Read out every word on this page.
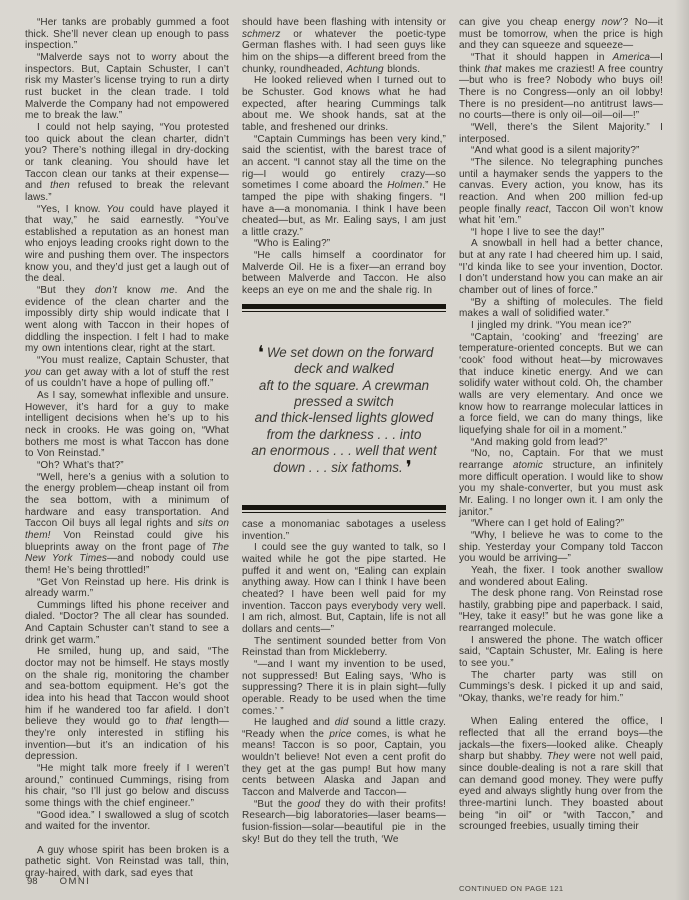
“Her tanks are probably gummed a foot thick. She’ll never clean up enough to pass inspection.”

“Malverde says not to worry about the inspectors. But, Captain Schuster, I can’t risk my Master’s license trying to run a dirty rust bucket in the clean trade. I told Malverde the Company had not empowered me to break the law.”

I could not help saying, “You protested too quick about the clean charter, didn’t you? There’s nothing illegal in dry-docking or tank cleaning. You should have let Taccon clean our tanks at their expense—and then refused to break the relevant laws.”

“Yes, I know. You could have played it that way,” he said earnestly. “You’ve established a reputation as an honest man who enjoys leading crooks right down to the wire and pushing them over. The inspectors know you, and they’d just get a laugh out of the deal.

“But they don’t know me. And the evidence of the clean charter and the impossibly dirty ship would indicate that I went along with Taccon in their hopes of diddling the inspection. I felt I had to make my own intentions clear, right at the start.

“You must realize, Captain Schuster, that you can get away with a lot of stuff the rest of us couldn’t have a hope of pulling off.”

As I say, somewhat inflexible and unsure. However, it’s hard for a guy to make intelligent decisions when he’s up to his neck in crooks. He was going on, “What bothers me most is what Taccon has done to Von Reinstad.”

“Oh? What’s that?”

“Well, here’s a genius with a solution to the energy problem—cheap instant oil from the sea bottom, with a minimum of hardware and easy transportation. And Taccon Oil buys all legal rights and sits on them! Von Reinstad could give his blueprints away on the front page of The New York Times—and nobody could use them! He’s being throttled!”

“Get Von Reinstad up here. His drink is already warm.”

Cummings lifted his phone receiver and dialed. “Doctor? The all clear has sounded. And Captain Schuster can’t stand to see a drink get warm.”

He smiled, hung up, and said, “The doctor may not be himself. He stays mostly on the shale rig, monitoring the chamber and sea-bottom equipment. He’s got the idea into his head that Taccon would shoot him if he wandered too far afield. I don’t believe they would go to that length—they’re only interested in stifling his invention—but it’s an indication of his depression.

“He might talk more freely if I weren’t around,” continued Cummings, rising from his chair, “so I’ll just go below and discuss some things with the chief engineer.”

“Good idea.” I swallowed a slug of scotch and waited for the inventor.

A guy whose spirit has been broken is a pathetic sight. Von Reinstad was tall, thin, gray-haired, with dark, sad eyes that

should have been flashing with intensity or schmerz or whatever the poetic-type German flashes with. I had seen guys like him on the ships—a different breed from the chunky, roundheaded, Achtung blonds.

He looked relieved when I turned out to be Schuster. God knows what he had expected, after hearing Cummings talk about me. We shook hands, sat at the table, and freshened our drinks.

“Captain Cummings has been very kind,” said the scientist, with the barest trace of an accent. “I cannot stay all the time on the rig—I would go entirely crazy—so sometimes I come aboard the Holmen.” He tamped the pipe with shaking fingers. “I have a—a monomania. I think I have been cheated—but, as Mr. Ealing says, I am just a little crazy.”

“Who is Ealing?”

“He calls himself a coordinator for Malverde Oil. He is a fixer—an errand boy between Malverde and Taccon. He also keeps an eye on me and the shale rig. In

❛ We set down on the forward
deck and walked
aft to the square. A crewman
pressed a switch
and thick-lensed lights glowed
from the darkness . . . into
an enormous . . . well that went
down . . . six fathoms. ❜

case a monomaniac sabotages a useless invention.”

I could see the guy wanted to talk, so I waited while he got the pipe started. He puffed it and went on, “Ealing can explain anything away. How can I think I have been cheated? I have been well paid for my invention. Taccon pays everybody very well. I am rich, almost. But, Captain, life is not all dollars and cents—”

The sentiment sounded better from Von Reinstad than from Mickleberry.

“—and I want my invention to be used, not suppressed! But Ealing says, ‘Who is suppressing? There it is in plain sight—fully operable. Ready to be used when the time comes.’ ”

He laughed and did sound a little crazy. “Ready when the price comes, is what he means! Taccon is so poor, Captain, you wouldn’t believe! Not even a cent profit do they get at the gas pump! But how many cents between Alaska and Japan and Taccon and Malverde and Taccon—

“But the good they do with their profits! Research—big laboratories—laser beams—fusion-fission—solar—beautiful pie in the sky! But do they tell the truth, ‘We

can give you cheap energy now’? No—it must be tomorrow, when the price is high and they can squeeze and squeeze—

“That it should happen in America—I think that makes me craziest! A free country—but who is free? Nobody who buys oil! There is no Congress—only an oil lobby! There is no president—no antitrust laws—no courts—there is only oil—oil—oil—!”

“Well, there’s the Silent Majority.” I interposed.

“And what good is a silent majority?”

“The silence. No telegraphing punches until a haymaker sends the yappers to the canvas. Every action, you know, has its reaction. And when 200 million fed-up people finally react, Taccon Oil won’t know what hit ’em.”

“I hope I live to see the day!”

A snowball in hell had a better chance, but at any rate I had cheered him up. I said, “I’d kinda like to see your invention, Doctor. I don’t understand how you can make an air chamber out of lines of force.”

“By a shifting of molecules. The field makes a wall of solidified water.”

I jingled my drink. “You mean ice?”

“Captain, ‘cooking’ and ‘freezing’ are temperature-oriented concepts. But we can ‘cook’ food without heat—by microwaves that induce kinetic energy. And we can solidify water without cold. Oh, the chamber walls are very elementary. And once we know how to rearrange molecular lattices in a force field, we can do many things, like liquefying shale for oil in a moment.”

“And making gold from lead?”

“No, no, Captain. For that we must rearrange atomic structure, an infinitely more difficult operation. I would like to show you my shale-converter, but you must ask Mr. Ealing. I no longer own it. I am only the janitor.”

“Where can I get hold of Ealing?”

“Why, I believe he was to come to the ship. Yesterday your Company told Taccon you would be arriving—”

Yeah, the fixer. I took another swallow and wondered about Ealing.

The desk phone rang. Von Reinstad rose hastily, grabbing pipe and paperback. I said, “Hey, take it easy!” but he was gone like a rearranged molecule.

I answered the phone. The watch officer said, “Captain Schuster, Mr. Ealing is here to see you.”

The charter party was still on Cummings’s desk. I picked it up and said, “Okay, thanks, we’re ready for him.”

When Ealing entered the office, I reflected that all the errand boys—the jackals—the fixers—looked alike. Cheaply sharp but shabby. They were not well paid, since double-dealing is not a rare skill that can demand good money. They were puffy eyed and always slightly hung over from the three-martini lunch. They boasted about being “in oil” or “with Taccon,” and scrounged freebies, usually timing their

98 OMNI
CONTINUED ON PAGE 121
